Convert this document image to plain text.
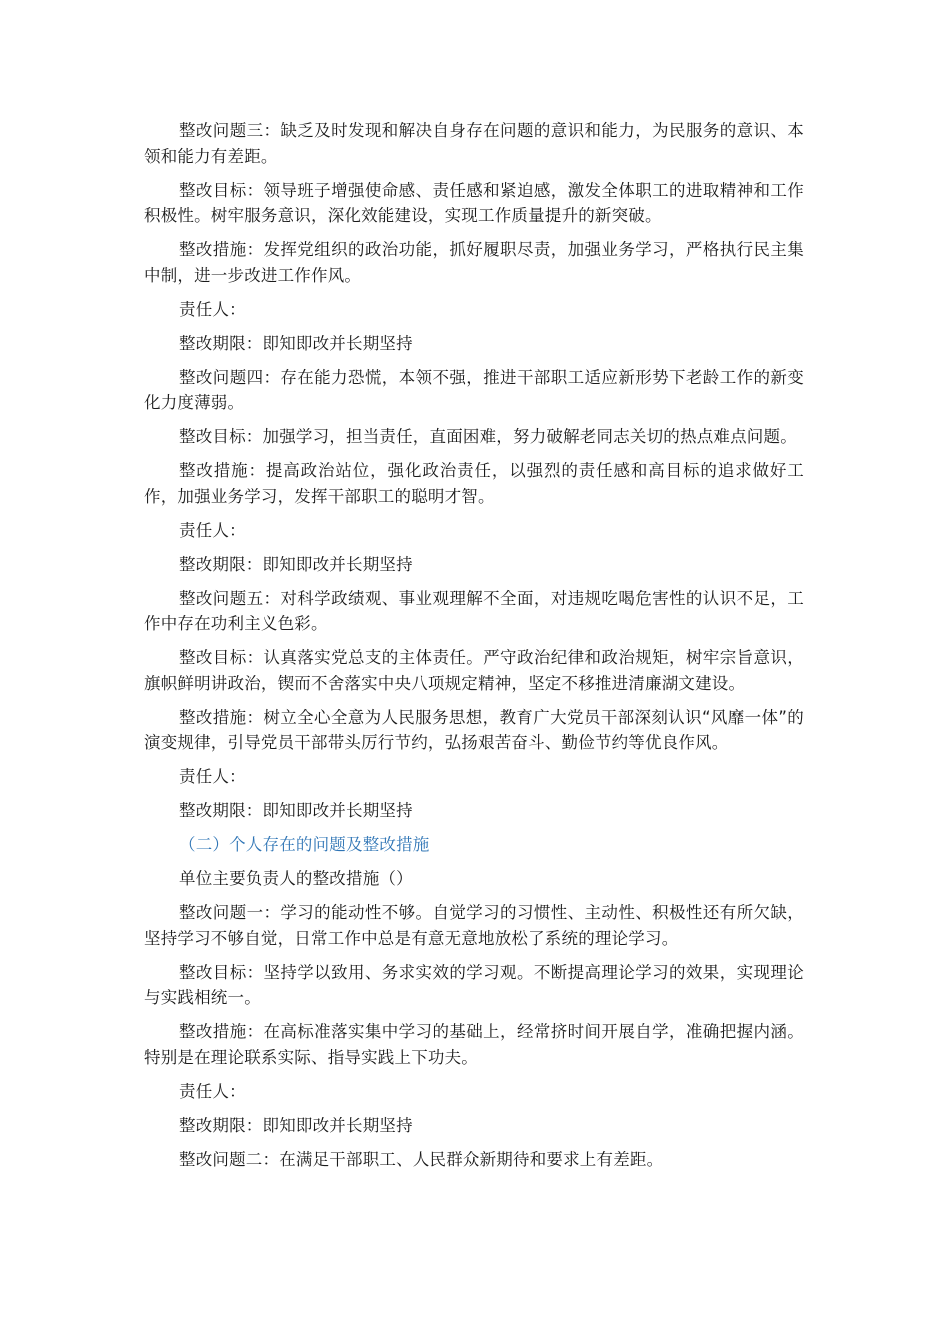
整改问题三：缺乏及时发现和解决自身存在问题的意识和能力，为民服务的意识、本领和能力有差距。

整改目标：领导班子增强使命感、责任感和紧迫感，激发全体职工的进取精神和工作积极性。树牢服务意识，深化效能建设，实现工作质量提升的新突破。

整改措施：发挥党组织的政治功能，抓好履职尽责，加强业务学习，严格执行民主集中制，进一步改进工作作风。

责任人：

整改期限：即知即改并长期坚持

整改问题四：存在能力恐慌，本领不强，推进干部职工适应新形势下老龄工作的新变化力度薄弱。

整改目标：加强学习，担当责任，直面困难，努力破解老同志关切的热点难点问题。

整改措施：提高政治站位，强化政治责任，以强烈的责任感和高目标的追求做好工作，加强业务学习，发挥干部职工的聪明才智。

责任人：

整改期限：即知即改并长期坚持

整改问题五：对科学政绩观、事业观理解不全面，对违规吃喝危害性的认识不足，工作中存在功利主义色彩。

整改目标：认真落实党总支的主体责任。严守政治纪律和政治规矩，树牢宗旨意识，旗帜鲜明讲政治，锲而不舍落实中央八项规定精神，坚定不移推进清廉湖文建设。

整改措施：树立全心全意为人民服务思想，教育广大党员干部深刻认识“风靡一体”的演变规律，引导党员干部带头厉行节约，弘扬艰苦奋斗、勤俭节约等优良作风。

责任人：

整改期限：即知即改并长期坚持

（二）个人存在的问题及整改措施

单位主要负责人的整改措施（）

整改问题一：学习的能动性不够。自觉学习的习惯性、主动性、积极性还有所欠缺，坚持学习不够自觉，日常工作中总是有意无意地放松了系统的理论学习。

整改目标：坚持学以致用、务求实效的学习观。不断提高理论学习的效果，实现理论与实践相统一。

整改措施：在高标准落实集中学习的基础上，经常挤时间开展自学，准确把握内涵。特别是在理论联系实际、指导实践上下功夫。

责任人：

整改期限：即知即改并长期坚持

整改问题二：在满足干部职工、人民群众新期待和要求上有差距。
